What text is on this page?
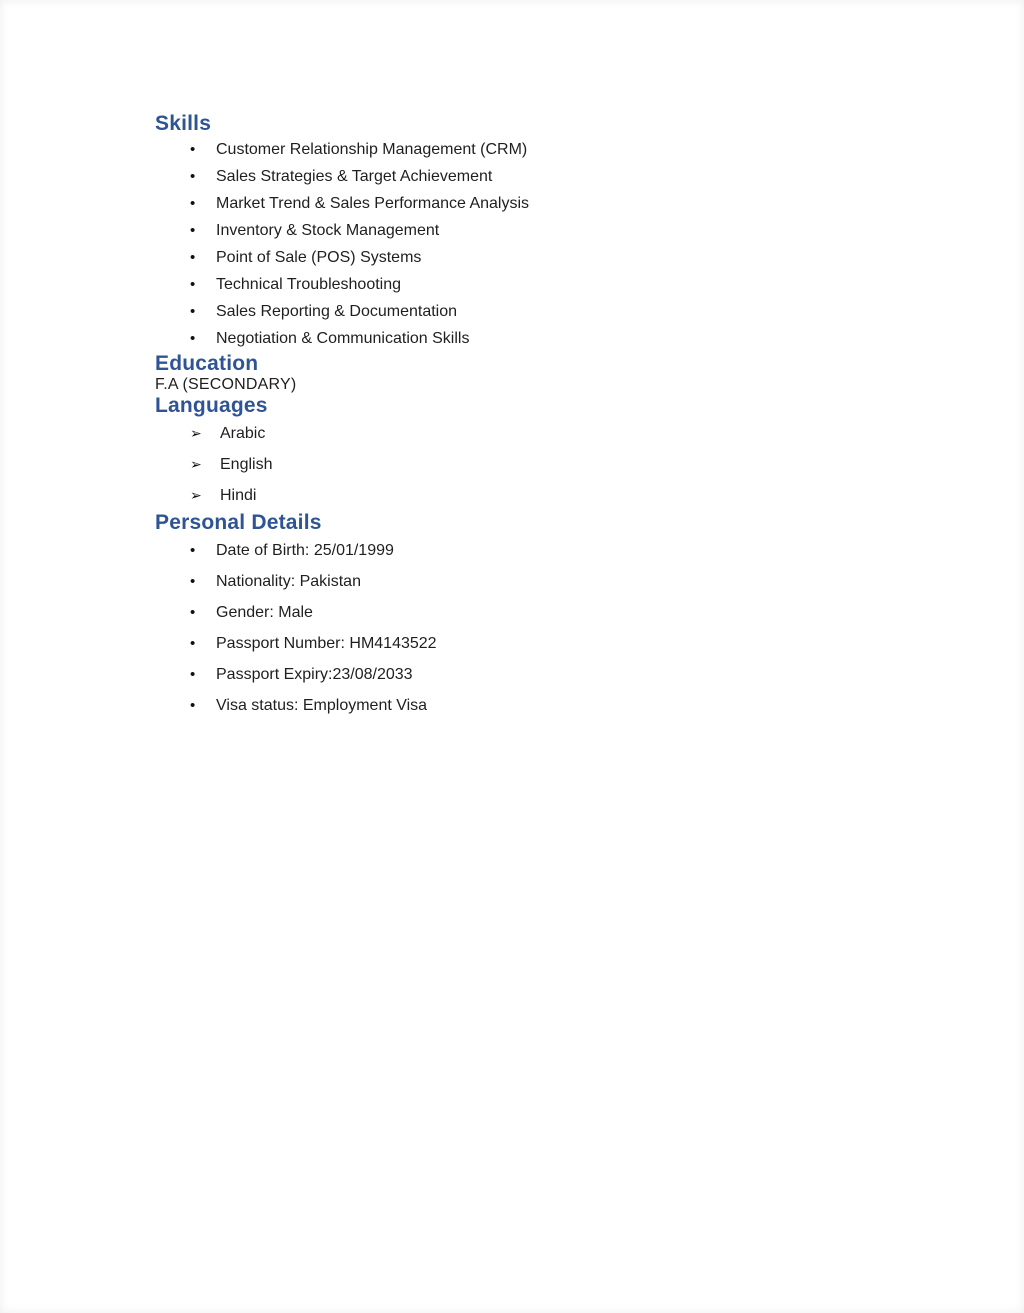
Skills
•	Customer Relationship Management (CRM)
•	Sales Strategies & Target Achievement
•	Market Trend & Sales Performance Analysis
•	Inventory & Stock Management
•	Point of Sale (POS) Systems
•	Technical Troubleshooting
•	Sales Reporting & Documentation
•	Negotiation & Communication Skills
Education

F.A (SECONDARY)

Languages
➢	Arabic
➢	English
➢	Hindi
Personal Details
•	Date of Birth: 25/01/1999
•	Nationality: Pakistan
•	Gender: Male
•	Passport Number: HM4143522
•	Passport Expiry:23/08/2033
•	Visa status: Employment Visa
